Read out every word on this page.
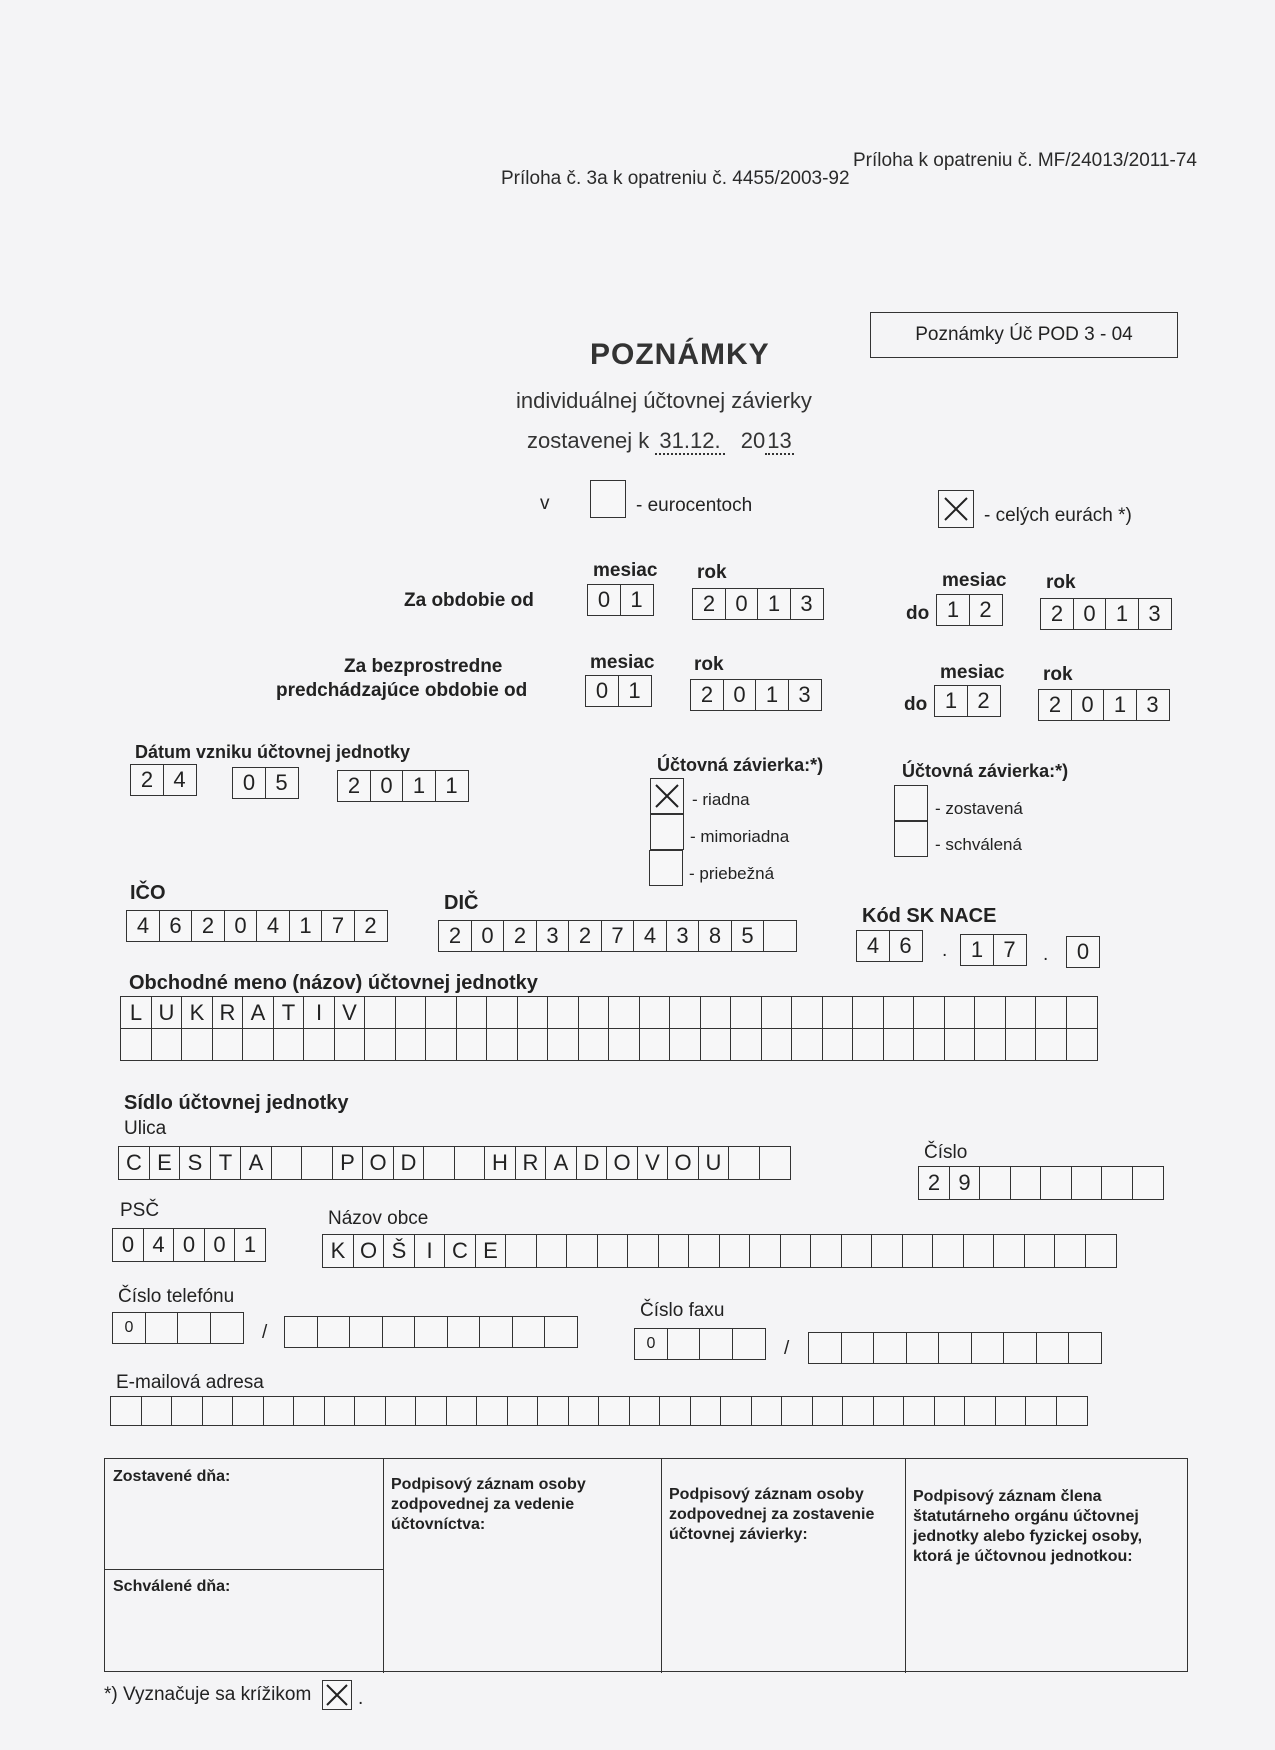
Príloha k opatreniu č. MF/24013/2011-74
Príloha č. 3a k opatreniu č. 4455/2003-92
Poznámky Úč POD 3 - 04
POZNÁMKY
individuálnej účtovnej závierky
zostavenej k 31.12. 2013
v	- eurocentoch	- celých eurách *)
mesiac rok	mesiac rok
Za obdobie od	0 1	2 0 1 3	do 1 2	2 0 1 3
mesiac rok	mesiac rok
Za bezprostredne
predchádzajúce obdobie od	0 1	2 0 1 3	do 1 2	2 0 1 3
Dátum vzniku účtovnej jednotky
2 4	0 5	2 0 1 1
Účtovná závierka:*)
- riadna
- mimoriadna
- priebežná
Účtovná závierka:*)
- zostavená
- schválená
IČO
4 6 2 0 4 1 7 2
DIČ
2 0 2 3 2 7 4 3 8 5
Kód SK NACE
4 6	.	1 7	.	0
Obchodné meno (názov) účtovnej jednotky
L U K R A T I V
Sídlo účtovnej jednotky
Ulica
C E S T A	P O D	H R A D O V O U	Číslo
2 9
PSČ
0 4 0 0 1
Názov obce
K O Š I C E
Číslo telefónu
0	/
Číslo faxu
0	/
E-mailová adresa
Zostavené dňa:
Schválené dňa:
Podpisový záznam osoby zodpovednej za vedenie účtovníctva:
Podpisový záznam osoby zodpovednej za zostavenie účtovnej závierky:
Podpisový záznam člena štatutárneho orgánu účtovnej jednotky alebo fyzickej osoby, ktorá je účtovnou jednotkou:
*) Vyznačuje sa krížikom .
